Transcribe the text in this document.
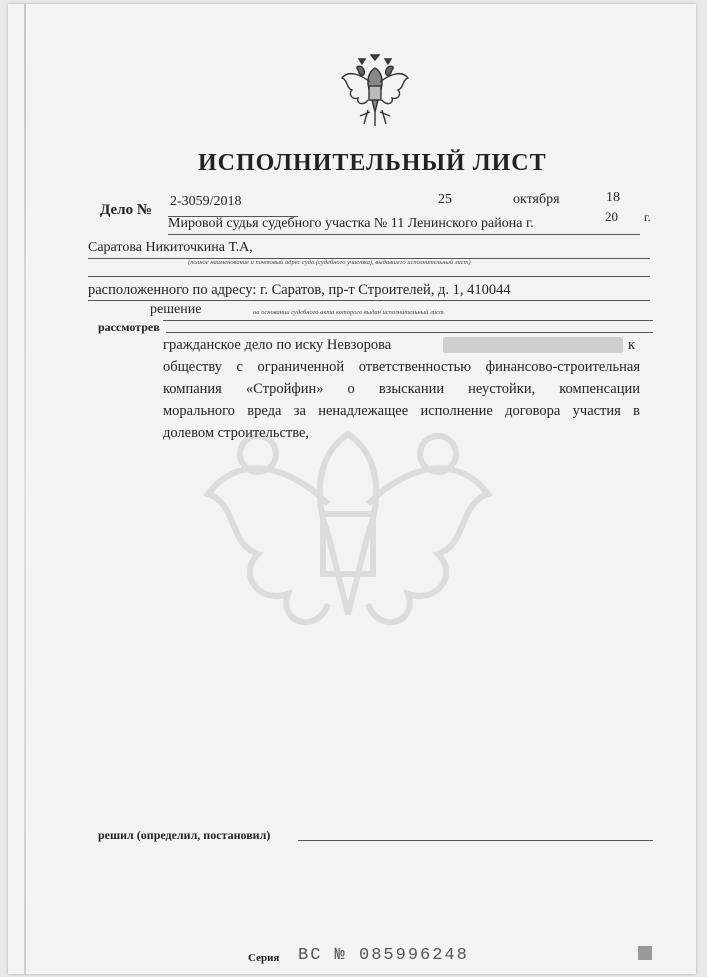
ИСПОЛНИТЕЛЬНЫЙ ЛИСТ
Дело №
2-3059/2018	25	октября	18
20 г.
Мировой судья судебного участка № 11 Ленинского района г.
Саратова Никиточкина Т.А,
(полное наименование и почтовый адрес суда (судебного участка), выдавшего исполнительный лист)
расположенного по адресу: г. Саратов, пр-т Строителей, д. 1, 410044
решение	на основании судебного акта которого выдан исполнительный лист
рассмотрев
гражданское дело по иску Невзорова	к
обществу с ограниченной ответственностью финансово-строительная
компания «Стройфин» о взыскании неустойки, компенсации
морального вреда за ненадлежащее исполнение договора участия в
долевом строительстве,
решил (определил, постановил)
Серия ВС № 085996248
